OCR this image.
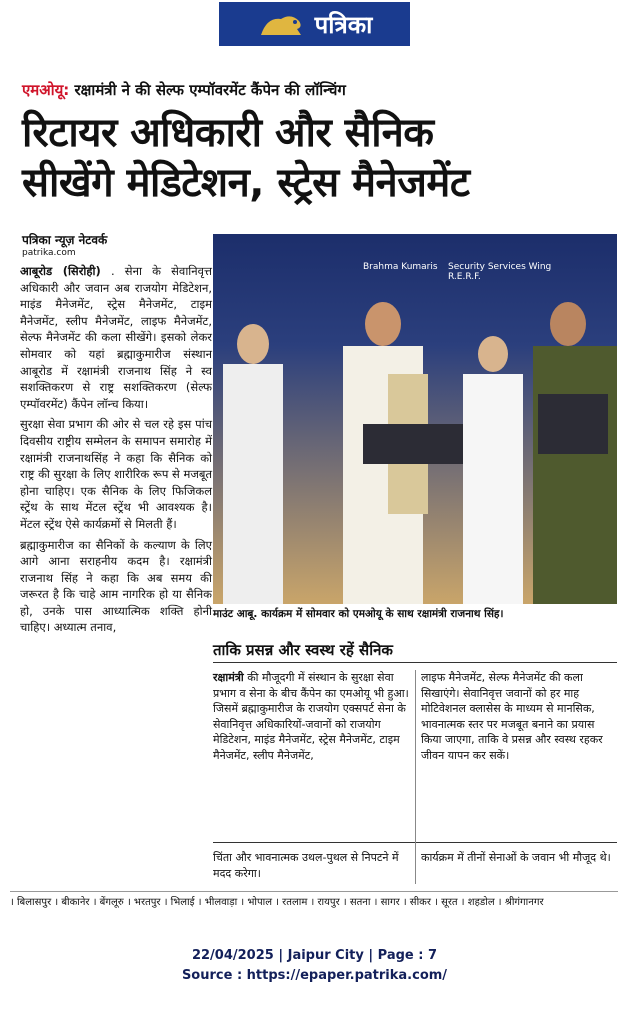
पत्रिका
एमओयू: रक्षामंत्री ने की सेल्फ एम्पॉवरमेंट कैंपेन की लॉन्चिंग
रिटायर अधिकारी और सैनिक
सीखेंगे मेडिटेशन, स्ट्रेस मैनेजमेंट
पत्रिका न्यूज़ नेटवर्क
patrika.com

आबूरोड (सिरोही) . सेना के सेवानिवृत्त अधिकारी और जवान अब राजयोग मेडिटेशन, माइंड मैनेजमेंट, स्ट्रेस मैनेजमेंट, टाइम मैनेजमेंट, स्लीप मैनेजमेंट, लाइफ मैनेजमेंट, सेल्फ मैनेजमेंट की कला सीखेंगे। इसको लेकर सोमवार को यहां ब्रह्माकुमारीज संस्थान आबूरोड में रक्षामंत्री राजनाथ सिंह ने स्व सशक्तिकरण से राष्ट्र सशक्तिकरण (सेल्फ एम्पॉवरमेंट) कैंपेन लॉन्च किया।

सुरक्षा सेवा प्रभाग की ओर से चल रहे इस पांच दिवसीय राष्ट्रीय सम्मेलन के समापन समारोह में रक्षामंत्री राजनाथसिंह ने कहा कि सैनिक को राष्ट्र की सुरक्षा के लिए शारीरिक रूप से मजबूत होना चाहिए। एक सैनिक के लिए फिजिकल स्ट्रेंथ के साथ मेंटल स्ट्रेंथ भी आवश्यक है। मेंटल स्ट्रेंथ ऐसे कार्यक्रमों से मिलती हैं।

ब्रह्माकुमारीज का सैनिकों के कल्याण के लिए आगे आना सराहनीय कदम है। रक्षामंत्री राजनाथ सिंह ने कहा कि अब समय की जरूरत है कि चाहे आम नागरिक हो या सैनिक हो, उनके पास आध्यात्मिक शक्ति होनी चाहिए। अध्यात्म तनाव,

Brahma Kumaris Security Services Wing R.E.R.F.
माउंट आबू. कार्यक्रम में सोमवार को एमओयू के साथ रक्षामंत्री राजनाथ सिंह।
ताकि प्रसन्न और स्वस्थ रहें सैनिक
रक्षामंत्री की मौजूदगी में संस्थान के सुरक्षा सेवा प्रभाग व सेना के बीच कैंपेन का एमओयू भी हुआ। जिसमें ब्रह्माकुमारीज के राजयोग एक्सपर्ट सेना के सेवानिवृत्त अधिकारियों-जवानों को राजयोग मेडिटेशन, माइंड मैनेजमेंट, स्ट्रेस मैनेजमेंट, टाइम मैनेजमेंट, स्लीप मैनेजमेंट,
लाइफ मैनेजमेंट, सेल्फ मैनेजमेंट की कला सिखाएंगे। सेवानिवृत्त जवानों को हर माह मोटिवेशनल क्लासेस के माध्यम से मानसिक, भावनात्मक स्तर पर मजबूत बनाने का प्रयास किया जाएगा, ताकि वे प्रसन्न और स्वस्थ रहकर जीवन यापन कर सकें।
चिंता और भावनात्मक उथल-पुथल से निपटने में मदद करेगा।
कार्यक्रम में तीनों सेनाओं के जवान भी मौजूद थे।
। बिलासपुर । बीकानेर । बेंगलूरु । भरतपुर । भिलाई । भीलवाड़ा । भोपाल । रतलाम । रायपुर । सतना । सागर । सीकर । सूरत । शहडोल । श्रीगंगानगर
22/04/2025 | Jaipur City | Page : 7
Source : https://epaper.patrika.com/
